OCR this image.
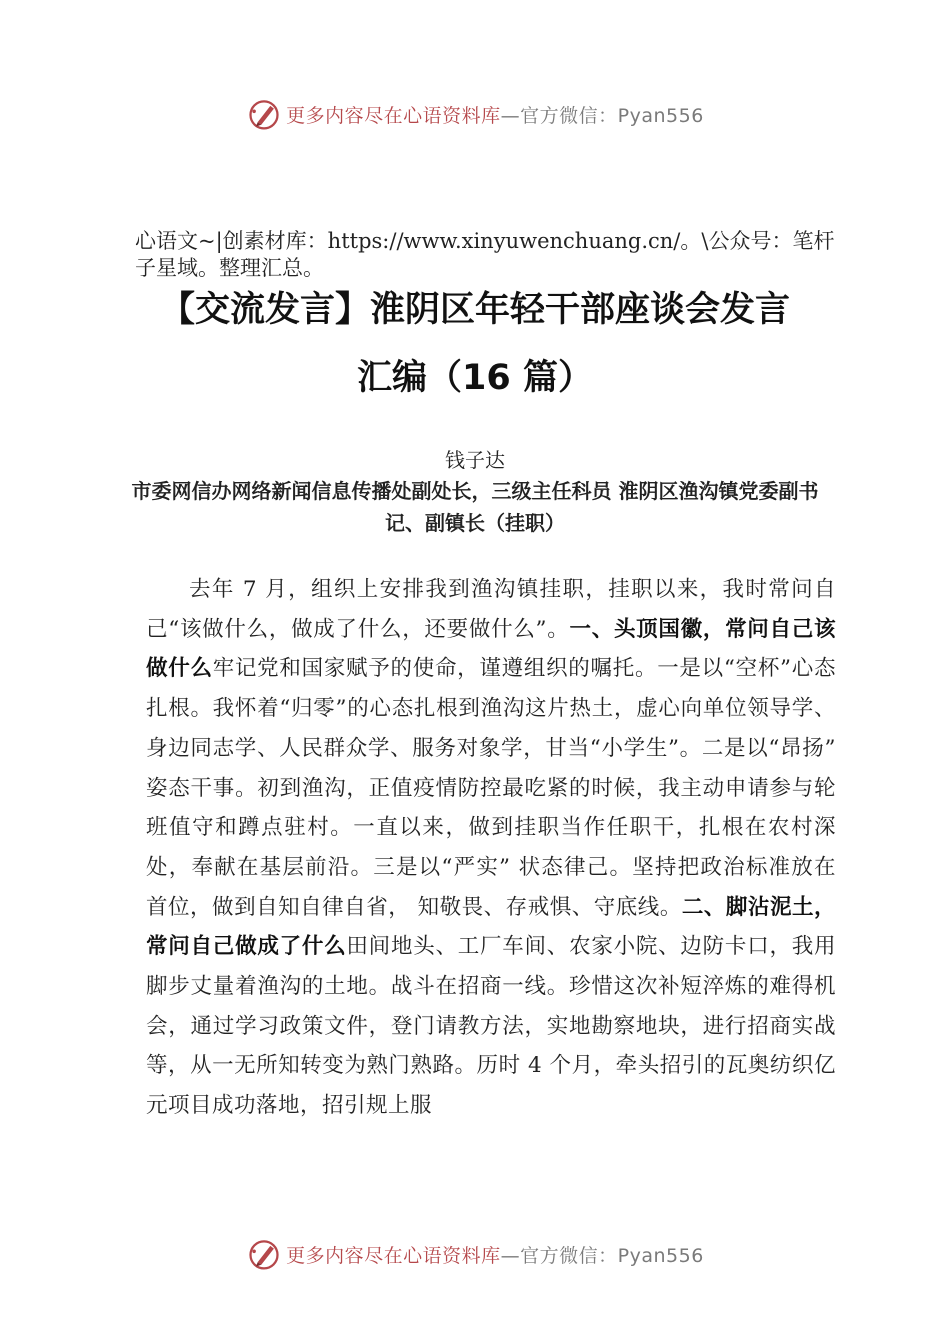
更多内容尽在心语资料库—官方微信：Pyan556
心语文~|创素材库：https://www.xinyuwenchuang.cn/。\公众号：笔杆子星域。整理汇总。
【交流发言】淮阴区年轻干部座谈会发言
汇编（16 篇）
钱子达
市委网信办网络新闻信息传播处副处长，三级主任科员 淮阴区渔沟镇党委副书记、副镇长（挂职）
去年 7 月，组织上安排我到渔沟镇挂职，挂职以来，我时常问自己“该做什么，做成了什么，还要做什么”。一、头顶国徽，常问自己该做什么牢记党和国家赋予的使命，谨遵组织的嘱托。一是以“空杯”心态扎根。我怀着“归零”的心态扎根到渔沟这片热土，虚心向单位领导学、身边同志学、人民群众学、服务对象学，甘当“小学生”。二是以“昂扬” 姿态干事。初到渔沟，正值疫情防控最吃紧的时候，我主动申请参与轮班值守和蹲点驻村。一直以来，做到挂职当作任职干，扎根在农村深处，奉献在基层前沿。三是以“严实” 状态律己。坚持把政治标准放在首位，做到自知自律自省， 知敬畏、存戒惧、守底线。二、脚沾泥土，常问自己做成了什么田间地头、工厂车间、农家小院、边防卡口，我用脚步丈量着渔沟的土地。战斗在招商一线。珍惜这次补短淬炼的难得机会，通过学习政策文件，登门请教方法，实地勘察地块，进行招商实战等，从一无所知转变为熟门熟路。历时 4 个月，牵头招引的瓦奥纺织亿元项目成功落地，招引规上服
更多内容尽在心语资料库—官方微信：Pyan556
